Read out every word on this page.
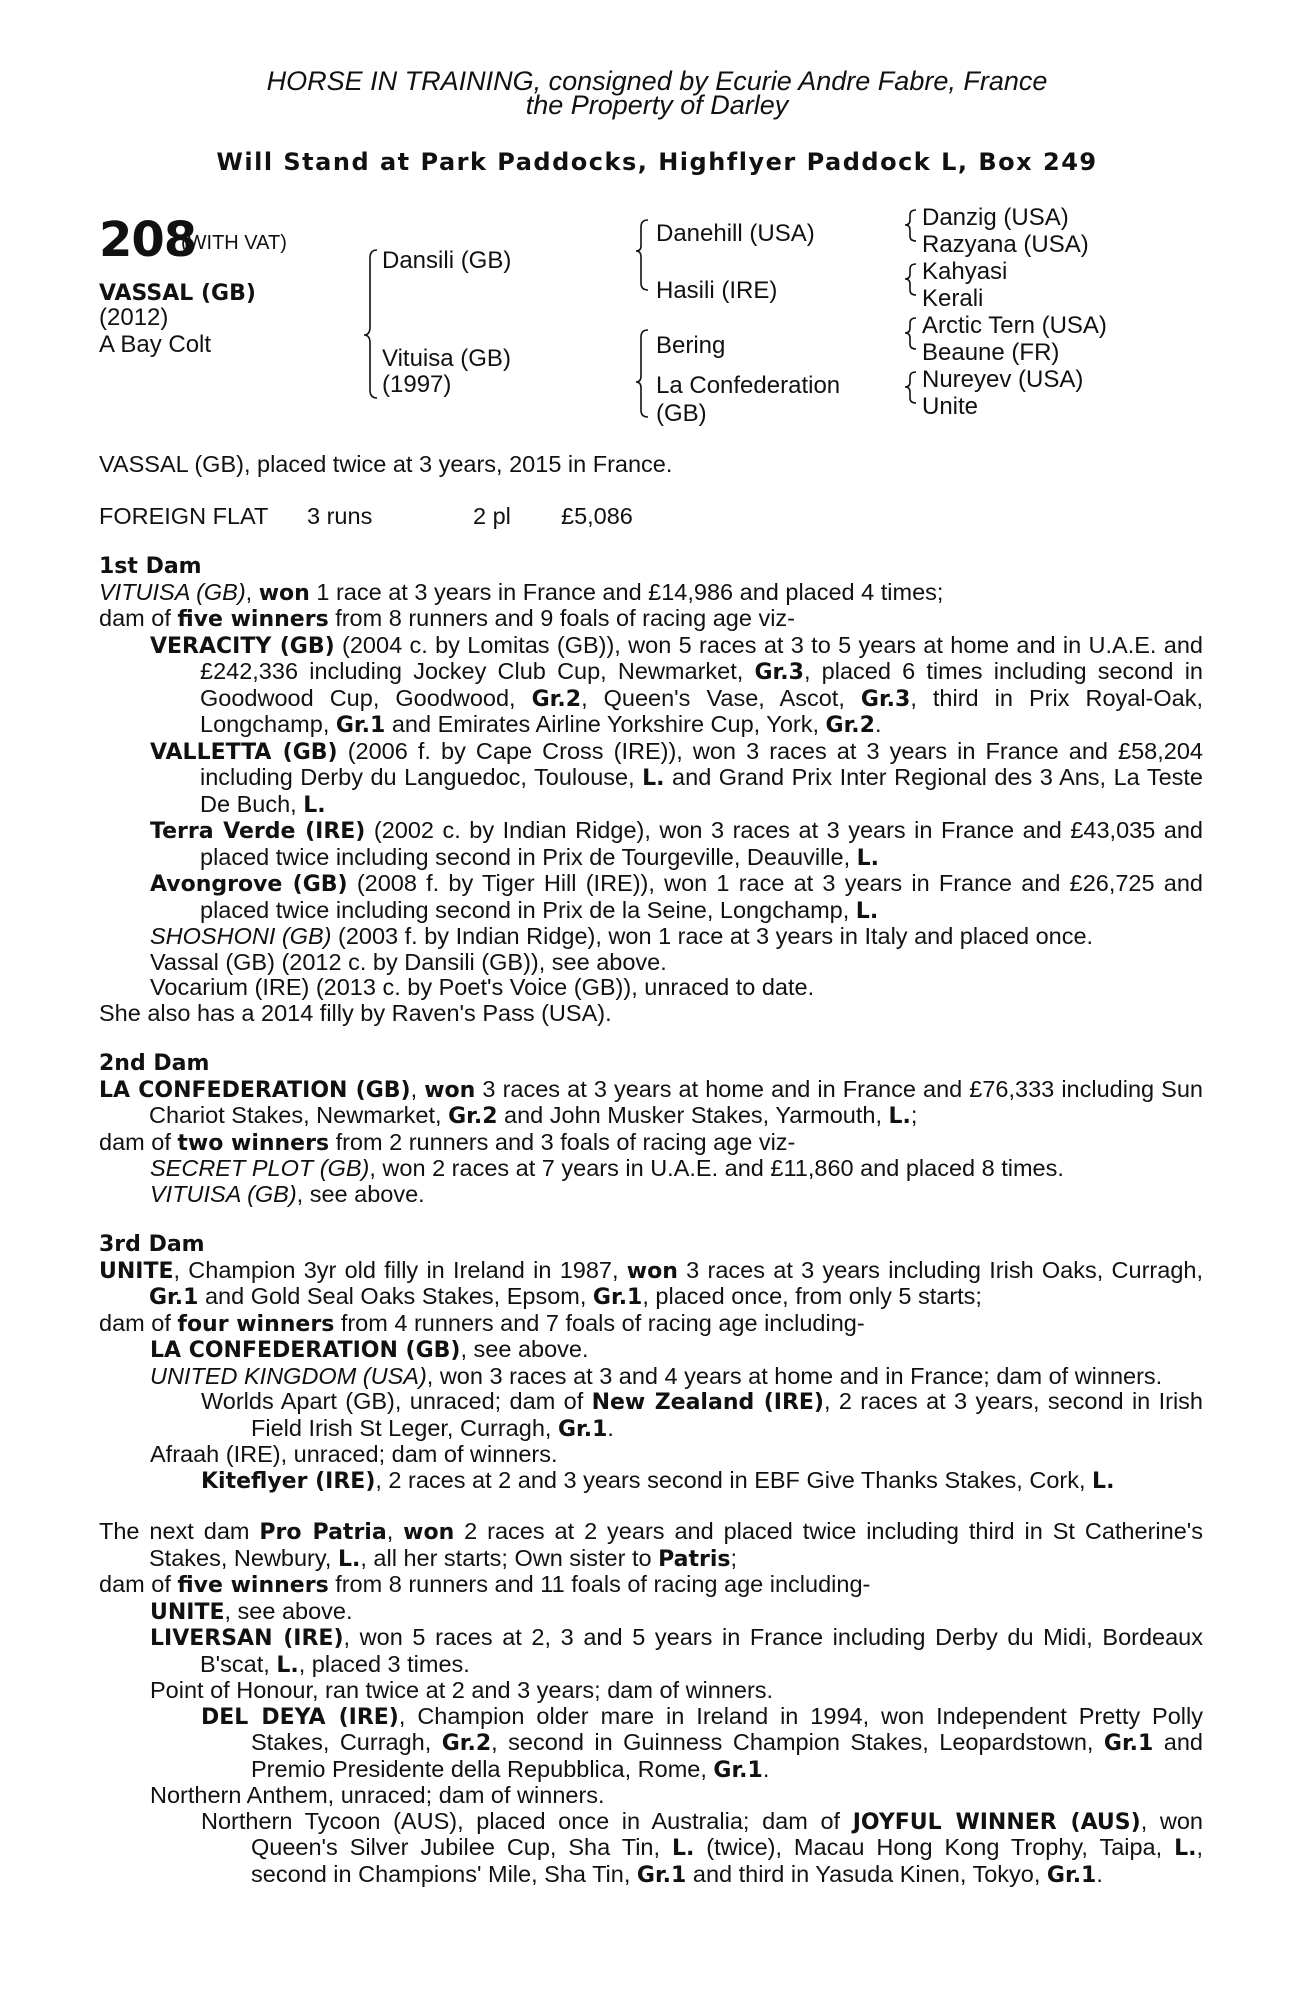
HORSE IN TRAINING, consigned by Ecurie Andre Fabre, France
the Property of Darley
Will Stand at Park Paddocks, Highflyer Paddock L, Box 249
208
(WITH VAT)
VASSAL (GB)
(2012)
A Bay Colt
Dansili (GB)
Vituisa (GB)
(1997)
Danehill (USA)
Hasili (IRE)
Bering
La Confederation
(GB)
Danzig (USA)
Razyana (USA)
Kahyasi
Kerali
Arctic Tern (USA)
Beaune (FR)
Nureyev (USA)
Unite
VASSAL (GB), placed twice at 3 years, 2015 in France.
FOREIGN FLAT 3 runs	2 pl £5,086

1st Dam

VITUISA (GB), won 1 race at 3 years in France and £14,986 and placed 4 times;

dam of five winners from 8 runners and 9 foals of racing age viz-

VERACITY (GB) (2004 c. by Lomitas (GB)), won 5 races at 3 to 5 years at home and in U.A.E. and £242,336 including Jockey Club Cup, Newmarket, Gr.3, placed 6 times including second in Goodwood Cup, Goodwood, Gr.2, Queen's Vase, Ascot, Gr.3, third in Prix Royal-Oak, Longchamp, Gr.1 and Emirates Airline Yorkshire Cup, York, Gr.2.

VALLETTA (GB) (2006 f. by Cape Cross (IRE)), won 3 races at 3 years in France and £58,204 including Derby du Languedoc, Toulouse, L. and Grand Prix Inter Regional des 3 Ans, La Teste De Buch, L.

Terra Verde (IRE) (2002 c. by Indian Ridge), won 3 races at 3 years in France and £43,035 and placed twice including second in Prix de Tourgeville, Deauville, L.

Avongrove (GB) (2008 f. by Tiger Hill (IRE)), won 1 race at 3 years in France and £26,725 and placed twice including second in Prix de la Seine, Longchamp, L.

SHOSHONI (GB) (2003 f. by Indian Ridge), won 1 race at 3 years in Italy and placed once.

Vassal (GB) (2012 c. by Dansili (GB)), see above.

Vocarium (IRE) (2013 c. by Poet's Voice (GB)), unraced to date.

She also has a 2014 filly by Raven's Pass (USA).

2nd Dam

LA CONFEDERATION (GB), won 3 races at 3 years at home and in France and £76,333 including Sun Chariot Stakes, Newmarket, Gr.2 and John Musker Stakes, Yarmouth, L.;

dam of two winners from 2 runners and 3 foals of racing age viz-

SECRET PLOT (GB), won 2 races at 7 years in U.A.E. and £11,860 and placed 8 times.

VITUISA (GB), see above.

3rd Dam

UNITE, Champion 3yr old filly in Ireland in 1987, won 3 races at 3 years including Irish Oaks, Curragh, Gr.1 and Gold Seal Oaks Stakes, Epsom, Gr.1, placed once, from only 5 starts;

dam of four winners from 4 runners and 7 foals of racing age including-

LA CONFEDERATION (GB), see above.

UNITED KINGDOM (USA), won 3 races at 3 and 4 years at home and in France; dam of winners.

Worlds Apart (GB), unraced; dam of New Zealand (IRE), 2 races at 3 years, second in Irish Field Irish St Leger, Curragh, Gr.1.

Afraah (IRE), unraced; dam of winners.

Kiteflyer (IRE), 2 races at 2 and 3 years second in EBF Give Thanks Stakes, Cork, L.

The next dam Pro Patria, won 2 races at 2 years and placed twice including third in St Catherine's Stakes, Newbury, L., all her starts; Own sister to Patris;

dam of five winners from 8 runners and 11 foals of racing age including-

UNITE, see above.

LIVERSAN (IRE), won 5 races at 2, 3 and 5 years in France including Derby du Midi, Bordeaux B'scat, L., placed 3 times.

Point of Honour, ran twice at 2 and 3 years; dam of winners.

DEL DEYA (IRE), Champion older mare in Ireland in 1994, won Independent Pretty Polly Stakes, Curragh, Gr.2, second in Guinness Champion Stakes, Leopardstown, Gr.1 and Premio Presidente della Repubblica, Rome, Gr.1.

Northern Anthem, unraced; dam of winners.

Northern Tycoon (AUS), placed once in Australia; dam of JOYFUL WINNER (AUS), won Queen's Silver Jubilee Cup, Sha Tin, L. (twice), Macau Hong Kong Trophy, Taipa, L., second in Champions' Mile, Sha Tin, Gr.1 and third in Yasuda Kinen, Tokyo, Gr.1.
